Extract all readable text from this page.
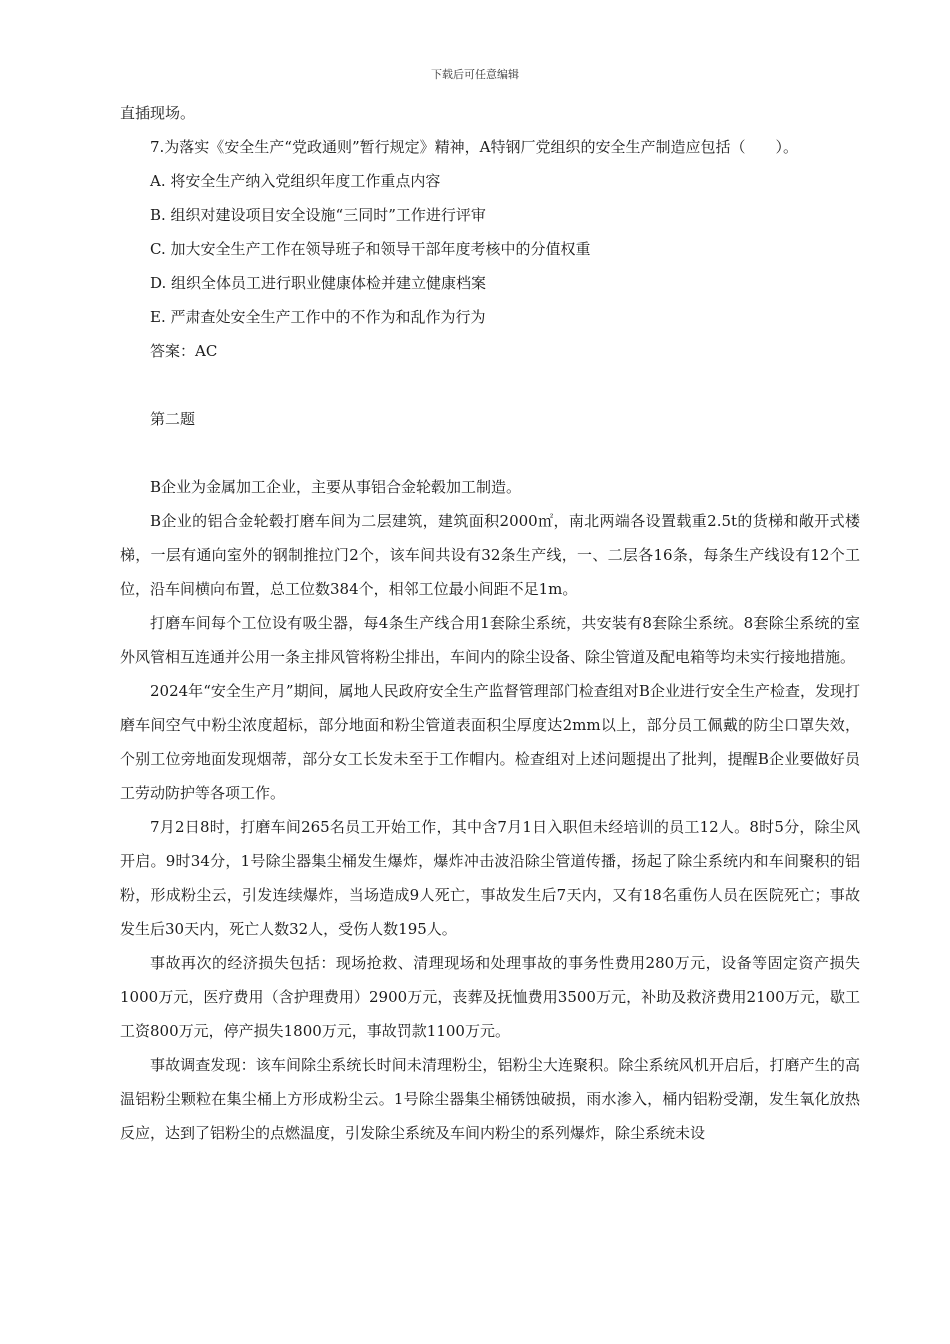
下载后可任意编辑

直插现场。

7.为落实《安全生产“党政通则”暂行规定》精神，A特钢厂党组织的安全生产制造应包括（　　）。

A. 将安全生产纳入党组织年度工作重点内容

B. 组织对建设项目安全设施“三同时”工作进行评审

C. 加大安全生产工作在领导班子和领导干部年度考核中的分值权重

D. 组织全体员工进行职业健康体检并建立健康档案

E. 严肃查处安全生产工作中的不作为和乱作为行为

答案：AC

第二题

B企业为金属加工企业，主要从事铝合金轮毂加工制造。

B企业的铝合金轮毂打磨车间为二层建筑，建筑面积2000㎡，南北两端各设置载重2.5t的货梯和敞开式楼梯，一层有通向室外的钢制推拉门2个，该车间共设有32条生产线，一、二层各16条，每条生产线设有12个工位，沿车间横向布置，总工位数384个，相邻工位最小间距不足1m。

打磨车间每个工位设有吸尘器，每4条生产线合用1套除尘系统，共安装有8套除尘系统。8套除尘系统的室外风管相互连通并公用一条主排风管将粉尘排出，车间内的除尘设备、除尘管道及配电箱等均未实行接地措施。

2024年“安全生产月”期间，属地人民政府安全生产监督管理部门检查组对B企业进行安全生产检查，发现打磨车间空气中粉尘浓度超标，部分地面和粉尘管道表面积尘厚度达2mm以上，部分员工佩戴的防尘口罩失效，个别工位旁地面发现烟蒂，部分女工长发未至于工作帽内。检查组对上述问题提出了批判，提醒B企业要做好员工劳动防护等各项工作。

7月2日8时，打磨车间265名员工开始工作，其中含7月1日入职但未经培训的员工12人。8时5分，除尘风开启。9时34分，1号除尘器集尘桶发生爆炸，爆炸冲击波沿除尘管道传播，扬起了除尘系统内和车间聚积的铝粉，形成粉尘云，引发连续爆炸，当场造成9人死亡，事故发生后7天内，又有18名重伤人员在医院死亡；事故发生后30天内，死亡人数32人，受伤人数195人。

事故再次的经济损失包括：现场抢救、清理现场和处理事故的事务性费用280万元，设备等固定资产损失1000万元，医疗费用（含护理费用）2900万元，丧葬及抚恤费用3500万元，补助及救济费用2100万元，歇工工资800万元，停产损失1800万元，事故罚款1100万元。

事故调查发现：该车间除尘系统长时间未清理粉尘，铝粉尘大连聚积。除尘系统风机开启后，打磨产生的高温铝粉尘颗粒在集尘桶上方形成粉尘云。1号除尘器集尘桶锈蚀破损，雨水渗入，桶内铝粉受潮，发生氧化放热反应，达到了铝粉尘的点燃温度，引发除尘系统及车间内粉尘的系列爆炸，除尘系统未设
